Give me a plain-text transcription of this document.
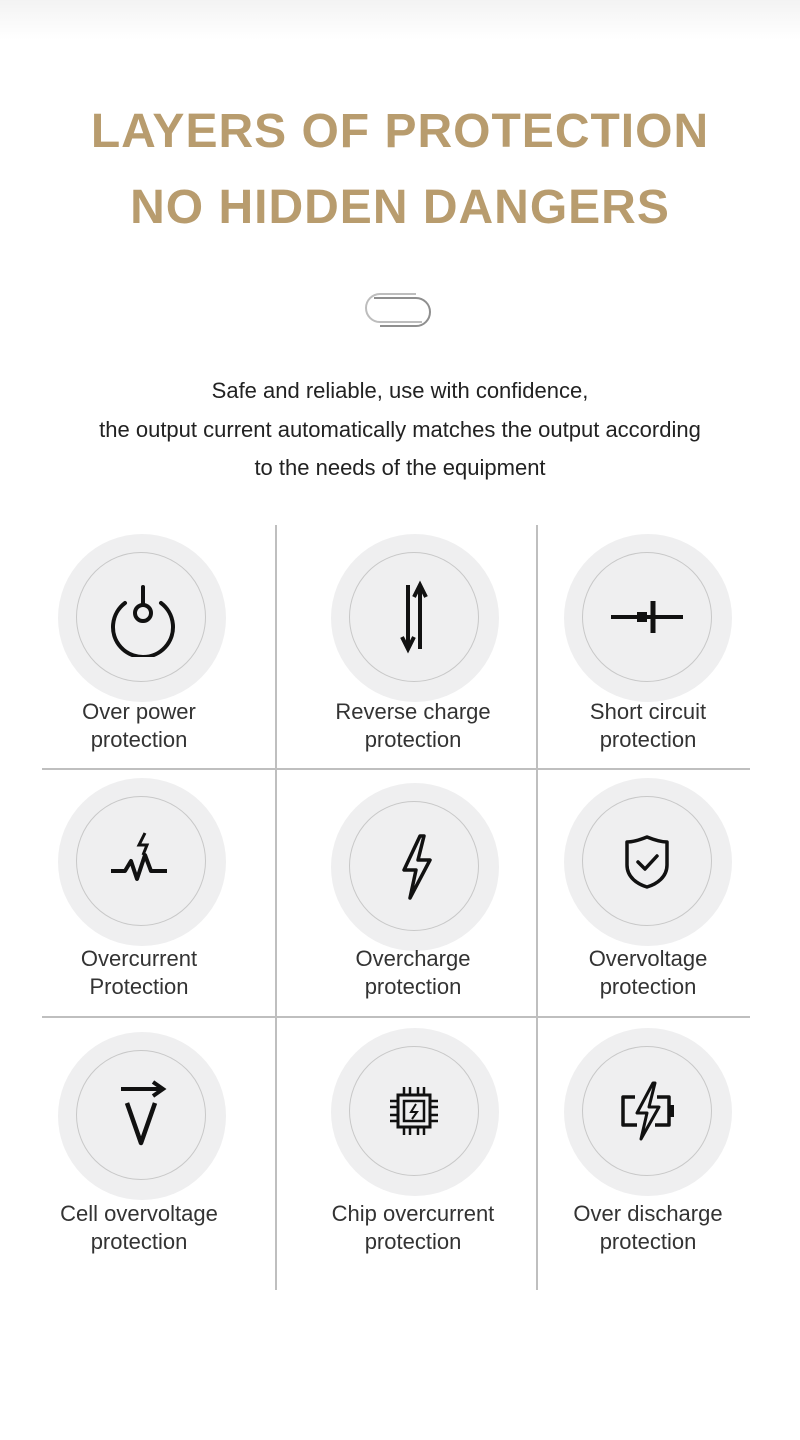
LAYERS OF PROTECTION
NO HIDDEN DANGERS
Safe and reliable, use with confidence,
the output current automatically matches the output according
to the needs of the equipment
Over power
protection
Reverse charge
protection
Short circuit
protection
Overcurrent
Protection
Overcharge
protection
Overvoltage
protection
Cell overvoltage
protection
Chip overcurrent
protection
Over discharge
protection
